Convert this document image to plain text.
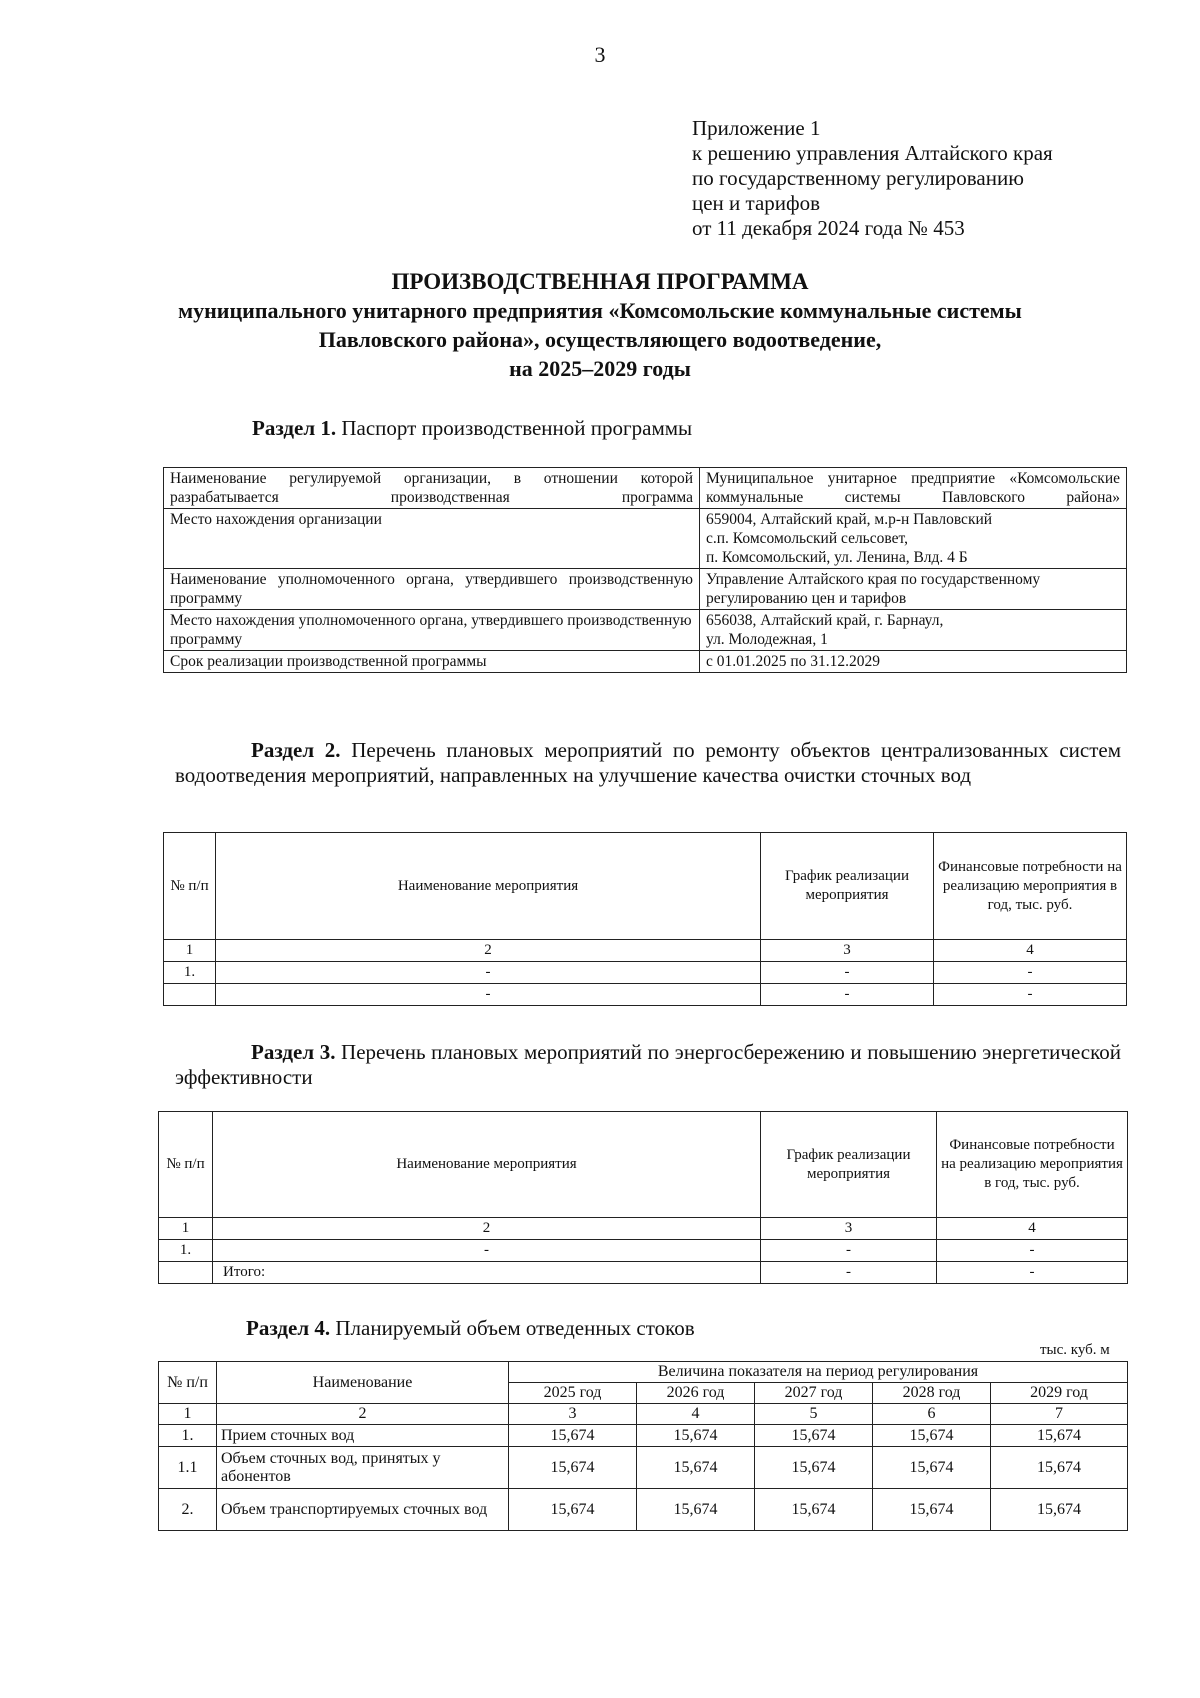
3
Приложение 1
к решению управления Алтайского края
по государственному регулированию
цен и тарифов
от 11 декабря 2024 года № 453
ПРОИЗВОДСТВЕННАЯ ПРОГРАММА
муниципального унитарного предприятия «Комсомольские коммунальные системы
Павловского района», осуществляющего водоотведение,
на 2025–2029 годы
Раздел 1. Паспорт производственной программы
Наименование регулируемой организации, в отношении которой разрабатывается производственная программа	Муниципальное унитарное предприятие «Комсомольские коммунальные системы Павловского района»
Место нахождения организации	659004, Алтайский край, м.р-н Павловский
с.п. Комсомольский сельсовет,
п. Комсомольский, ул. Ленина, Влд. 4 Б

Наименование уполномоченного органа, утвердившего производственную программу	Управление Алтайского края по государственному регулированию цен и тарифов
Место нахождения уполномоченного органа, утвердившего производственную программу	656038, Алтайский край, г. Барнаул,
ул. Молодежная, 1

Срок реализации производственной программы	с 01.01.2025 по 31.12.2029
Раздел 2. Перечень плановых мероприятий по ремонту объектов централизованных систем водоотведения мероприятий, направленных на улучшение качества очистки сточных вод
№ п/п	Наименование мероприятия	График реализации мероприятия	Финансовые потребности на реализацию мероприятия в год, тыс. руб.
1	2	3	4
1.	-	-	-
	-	-	-
Раздел 3. Перечень плановых мероприятий по энергосбережению и повышению энергетической эффективности
№ п/п	Наименование мероприятия	График реализации мероприятия	Финансовые потребности на реализацию мероприятия в год, тыс. руб.
1	2	3	4
1.	-	-	-
	Итого:	-	-
Раздел 4. Планируемый объем отведенных стоков
тыс. куб. м
№ п/п	Наименование	Величина показателя на период регулирования				
		2025 год	2026 год	2027 год	2028 год	2029 год
1	2	3	4	5	6	7
1.	Прием сточных вод	15,674	15,674	15,674	15,674	15,674
1.1	Объем сточных вод, принятых у абонентов	15,674	15,674	15,674	15,674	15,674
2.	Объем транспортируемых сточных вод	15,674	15,674	15,674	15,674	15,674
